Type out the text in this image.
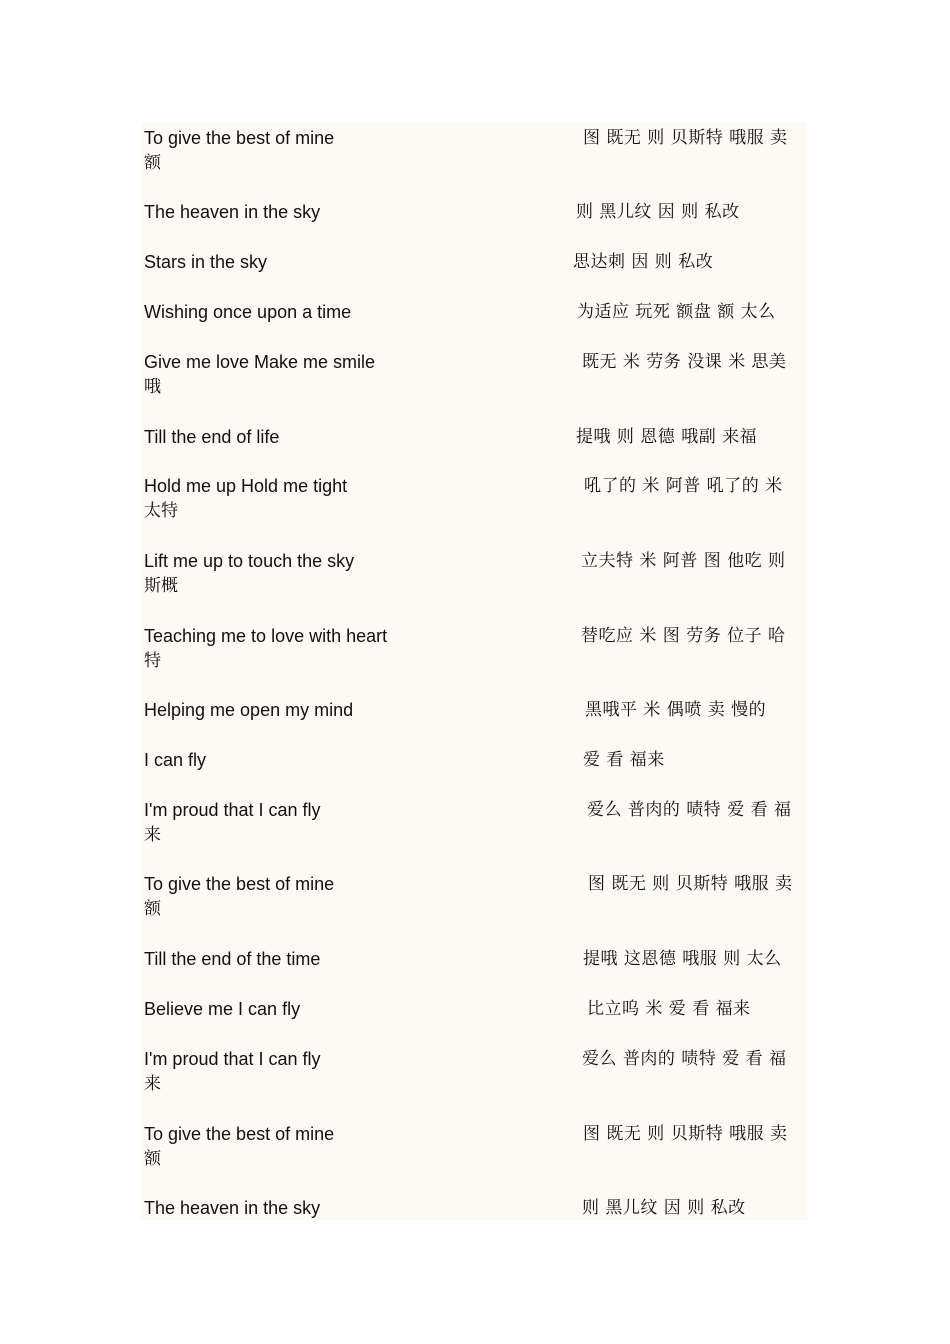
To give the best of mine	图 既无 则 贝斯特 哦服 卖
额
The heaven in the sky	则 黑儿纹 因 则 私改
Stars in the sky	思达刺 因 则 私改
Wishing once upon a time	为适应 玩死 额盘 额 太么
Give me love Make me smile	既无 米 劳务 没课 米 思美
哦
Till the end of life	提哦 则 恩德 哦副 来福
Hold me up Hold me tight	吼了的 米 阿普 吼了的 米
太特
Lift me up to touch the sky	立夫特 米 阿普 图 他吃 则
斯概
Teaching me to love with heart	替吃应 米 图 劳务 位子 哈
特
Helping me open my mind	黑哦平 米 偶喷 卖 慢的
I can fly	爱 看 福来
I'm proud that I can fly	爱么 普肉的 啧特 爱 看 福
来
To give the best of mine	图 既无 则 贝斯特 哦服 卖
额
Till the end of the time	提哦 这恩德 哦服 则 太么
Believe me I can fly	比立呜 米 爱 看 福来
I'm proud that I can fly	爱么 普肉的 啧特 爱 看 福
来
To give the best of mine	图 既无 则 贝斯特 哦服 卖
额
The heaven in the sky	则 黑儿纹 因 则 私改
